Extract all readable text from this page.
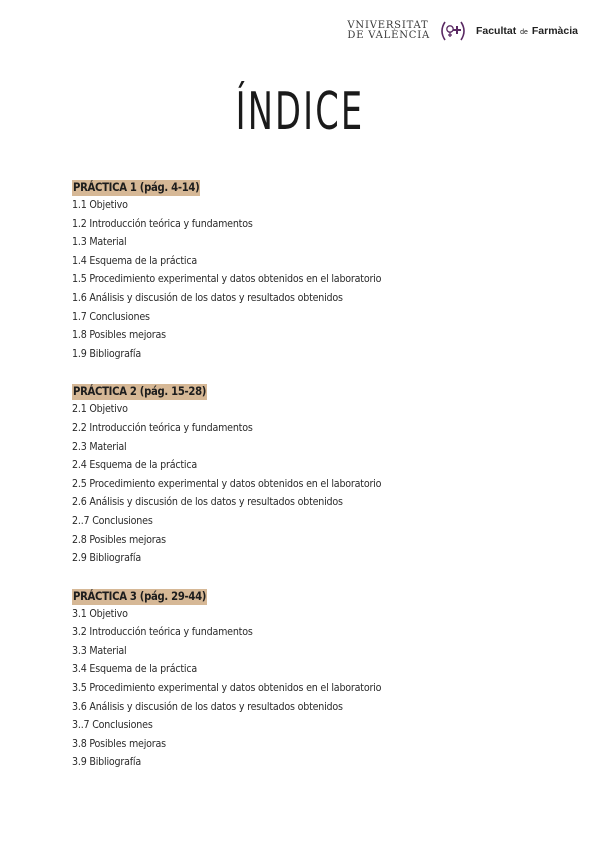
VNIVERSITAT
DE VALÈNCIA	Facultat de Farmàcia
ÍNDICE
PRÁCTICA 1 (pág. 4-14)
1.1 Objetivo
1.2 Introducción teórica y fundamentos
1.3 Material
1.4 Esquema de la práctica
1.5 Procedimiento experimental y datos obtenidos en el laboratorio
1.6 Análisis y discusión de los datos y resultados obtenidos
1.7 Conclusiones
1.8 Posibles mejoras
1.9 Bibliografía
PRÁCTICA 2 (pág. 15-28)
2.1 Objetivo
2.2 Introducción teórica y fundamentos
2.3 Material
2.4 Esquema de la práctica
2.5 Procedimiento experimental y datos obtenidos en el laboratorio
2.6 Análisis y discusión de los datos y resultados obtenidos
2..7 Conclusiones
2.8 Posibles mejoras
2.9 Bibliografía
PRÁCTICA 3 (pág. 29-44)
3.1 Objetivo
3.2 Introducción teórica y fundamentos
3.3 Material
3.4 Esquema de la práctica
3.5 Procedimiento experimental y datos obtenidos en el laboratorio
3.6 Análisis y discusión de los datos y resultados obtenidos
3..7 Conclusiones
3.8 Posibles mejoras
3.9 Bibliografía
